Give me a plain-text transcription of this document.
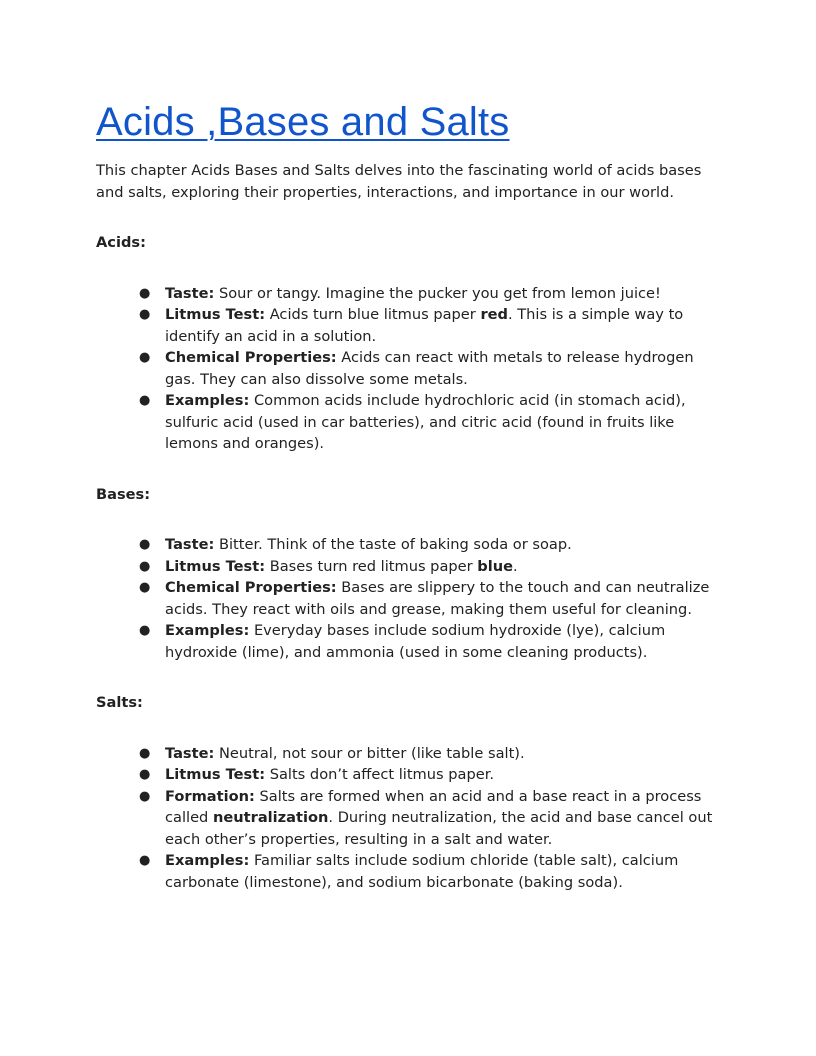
Acids ,Bases and Salts

This chapter Acids Bases and Salts delves into the fascinating world of acids bases and salts, exploring their properties, interactions, and importance in our world.

Acids:
● Taste: Sour or tangy. Imagine the pucker you get from lemon juice!
● Litmus Test: Acids turn blue litmus paper red. This is a simple way to identify an acid in a solution.
● Chemical Properties: Acids can react with metals to release hydrogen gas. They can also dissolve some metals.
● Examples: Common acids include hydrochloric acid (in stomach acid), sulfuric acid (used in car batteries), and citric acid (found in fruits like lemons and oranges).
Bases:
● Taste: Bitter. Think of the taste of baking soda or soap.
● Litmus Test: Bases turn red litmus paper blue.
● Chemical Properties: Bases are slippery to the touch and can neutralize acids. They react with oils and grease, making them useful for cleaning.
● Examples: Everyday bases include sodium hydroxide (lye), calcium hydroxide (lime), and ammonia (used in some cleaning products).
Salts:
● Taste: Neutral, not sour or bitter (like table salt).
● Litmus Test: Salts don’t affect litmus paper.
● Formation: Salts are formed when an acid and a base react in a process called neutralization. During neutralization, the acid and base cancel out each other’s properties, resulting in a salt and water.
● Examples: Familiar salts include sodium chloride (table salt), calcium carbonate (limestone), and sodium bicarbonate (baking soda).
